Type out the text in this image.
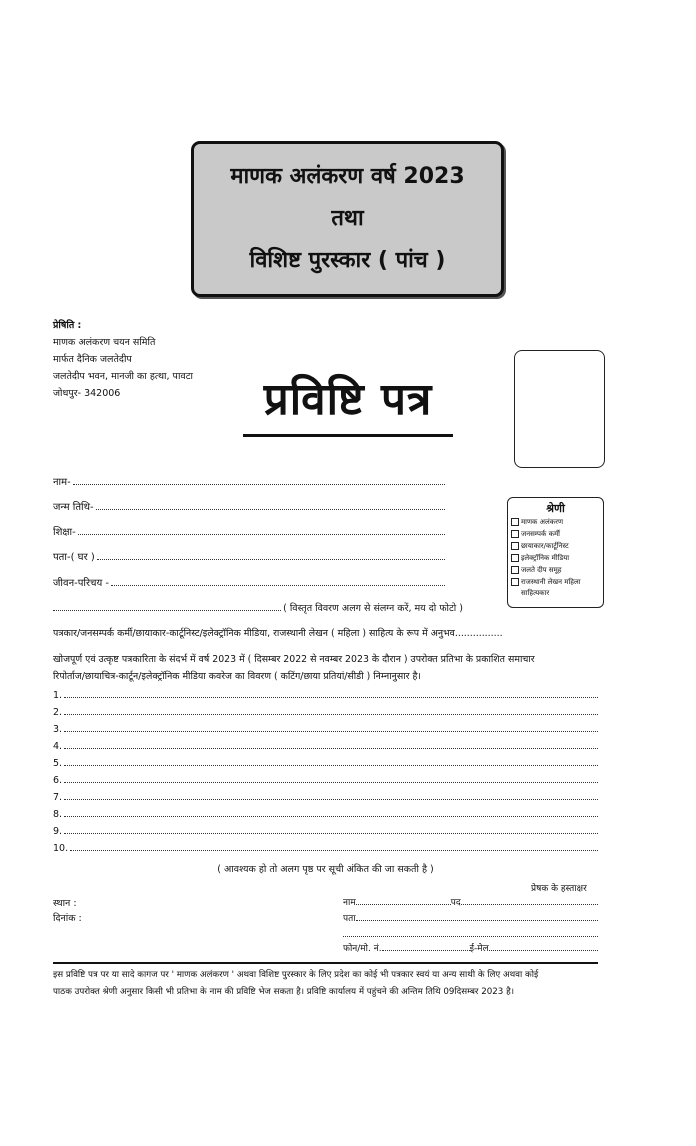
माणक अलंकरण वर्ष 2023
तथा
विशिष्ट पुरस्कार ( पांच )
प्रेषिति :
माणक अलंकरण चयन समिति
मार्फत दैनिक जलतेदीप
जलतेदीप भवन, मानजी का हत्था, पावटा
जोधपुर- 342006	प्रविष्टि पत्र
नाम-
जन्म तिथि-
शिक्षा-
पता-( घर )
जीवन-परिचय -
( विस्तृत विवरण अलग से संलग्न करें, मय दो फोटो )
श्रेणी
माणक अलंकरण
जनसम्पर्क कर्मी
छायाकार/कार्टूनिस्ट
इलेक्ट्रॉनिक मीडिया
जलते दीप समूह
राजस्थानी लेखन महिला
साहित्यकार
पत्रकार/जनसम्पर्क कर्मी/छायाकार-कार्टूनिस्ट/इलेक्ट्रॉनिक मीडिया, राजस्थानी लेखन ( महिला ) साहित्य के रूप में अनुभव................
खोजपूर्ण एवं उत्कृष्ट पत्रकारिता के संदर्भ में वर्ष 2023 में ( दिसम्बर 2022 से नवम्बर 2023 के दौरान ) उपरोक्त प्रतिभा के प्रकाशित समाचार
रिपोर्ताज/छायाचित्र-कार्टून/इलेक्ट्रॉनिक मीडिया कवरेज का विवरण ( कटिंग/छाया प्रतियां/सीडी ) निम्नानुसार है।
1.
2.
3.
4.
5.
6.
7.
8.
9.
10.
( आवश्यक हो तो अलग पृष्ठ पर सूची अंकित की जा सकती है )
प्रेषक के हस्ताक्षर
स्थान :
दिनांक :
नाम	पद
पता
फोन/मो. नं.	ई-मेल
इस प्रविष्टि पत्र पर या सादे कागज पर ' माणक अलंकरण ' अथवा विशिष्ट पुरस्कार के लिए प्रदेश का कोई भी पत्रकार स्वयं या अन्य साथी के लिए अथवा कोई
पाठक उपरोक्त श्रेणी अनुसार किसी भी प्रतिभा के नाम की प्रविष्टि भेज सकता है। प्रविष्टि कार्यालय में पहुंचने की अन्तिम तिथि 09दिसम्बर 2023 है।
